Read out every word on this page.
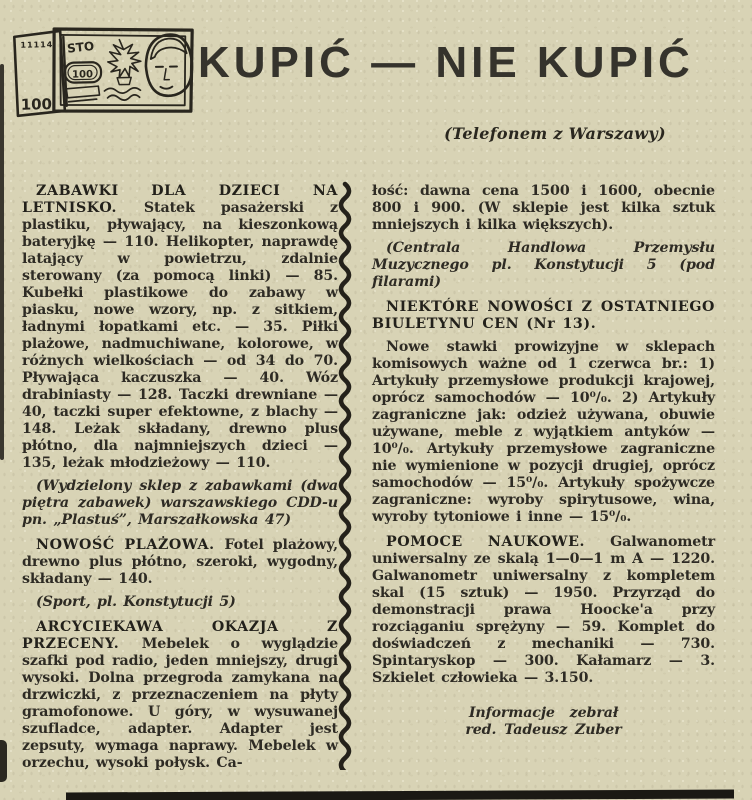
11114
100
STO
100 KUPIĆ — NIE KUPIĆ
(Telefonem z Warszawy)

ZABAWKI DLA DZIECI NA LETNISKO. Statek pasażerski z plastiku, pływający, na kieszonkową bateryjkę — 110. Helikopter, naprawdę latający w powietrzu, zdalnie sterowany (za pomocą linki) — 85. Kubełki plastikowe do zabawy w piasku, nowe wzory, np. z sitkiem, ładnymi łopatkami etc. — 35. Piłki plażowe, nadmuchiwane, kolorowe, w różnych wielkościach — od 34 do 70. Pływająca kaczuszka — 40. Wóz drabiniasty — 128. Taczki drewniane — 40, taczki super efektowne, z blachy — 148. Leżak składany, drewno plus płótno, dla najmniejszych dzieci — 135, leżak młodzieżowy — 110.

(Wydzielony sklep z zabawkami (dwa piętra zabawek) warszawskiego CDD-u pn. „Plastuś”, Marszałkowska 47)

NOWOŚĆ PLAŻOWA. Fotel plażowy, drewno plus płótno, szeroki, wygodny, składany — 140.

(Sport, pl. Konstytucji 5)

ARCYCIEKAWA OKAZJA Z PRZECENY. Mebelek o wyglądzie szafki pod radio, jeden mniejszy, drugi wysoki. Dolna przegroda zamykana na drzwiczki, z przeznaczeniem na płyty gramofonowe. U góry, w wysuwanej szufladce, adapter. Adapter jest zepsuty, wymaga naprawy. Mebelek w orzechu, wysoki połysk. Ca-

łość: dawna cena 1500 i 1600, obecnie 800 i 900. (W sklepie jest kilka sztuk mniejszych i kilka większych).

(Centrala Handlowa Przemysłu Muzycznego pl. Konstytucji 5 (pod filarami)

NIEKTÓRE NOWOŚCI Z OSTATNIEGO BIULETYNU CEN (Nr 13).

Nowe stawki prowizyjne w sklepach komisowych ważne od 1 czerwca br.: 1) Artykuły przemysłowe produkcji krajowej, oprócz samochodów — 10⁰/₀. 2) Artykuły zagraniczne jak: odzież używana, obuwie używane, meble z wyjątkiem antyków — 10⁰/₀. Artykuły przemysłowe zagraniczne nie wymienione w pozycji drugiej, oprócz samochodów — 15⁰/₀. Artykuły spożywcze zagraniczne: wyroby spirytusowe, wina, wyroby tytoniowe i inne — 15⁰/₀.

POMOCE NAUKOWE. Galwanometr uniwersalny ze skalą 1—0—1 m A — 1220. Galwanometr uniwersalny z kompletem skal (15 sztuk) — 1950. Przyrząd do demonstracji prawa Hoocke'a przy rozciąganiu sprężyny — 59. Komplet do doświadczeń z mechaniki — 730. Spintaryskop — 300. Kałamarz — 3. Szkielet człowieka — 3.150.

Informacje zebrał
red. Tadeusz Zuber
